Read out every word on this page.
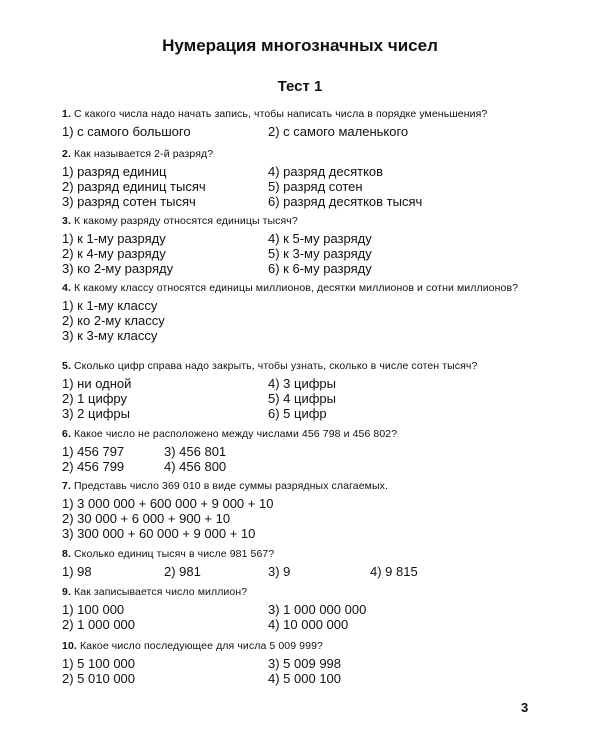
Нумерация многозначных чисел
Тест 1
1. С какого числа надо начать запись, чтобы написать числа в порядке уменьшения?
1) с самого большого	2) с самого маленького
2. Как называется 2-й разряд?
1) разряд единиц	4) разряд десятков
2) разряд единиц тысяч	5) разряд сотен
3) разряд сотен тысяч	6) разряд десятков тысяч
3. К какому разряду относятся единицы тысяч?
1) к 1-му разряду	4) к 5-му разряду
2) к 4-му разряду	5) к 3-му разряду
3) ко 2-му разряду	6) к 6-му разряду
4. К какому классу относятся единицы миллионов, десятки миллионов и сотни миллионов?
1) к 1-му классу
2) ко 2-му классу
3) к 3-му классу
5. Сколько цифр справа надо закрыть, чтобы узнать, сколько в числе сотен тысяч?
1) ни одной	4) 3 цифры
2) 1 цифру	5) 4 цифры
3) 2 цифры	6) 5 цифр
6. Какое число не расположено между числами 456 798 и 456 802?
1) 456 797	3) 456 801
2) 456 799	4) 456 800
7. Представь число 369 010 в виде суммы разрядных слагаемых.
1) 3 000 000 + 600 000 + 9 000 + 10
2) 30 000 + 6 000 + 900 + 10
3) 300 000 + 60 000 + 9 000 + 10
8. Сколько единиц тысяч в числе 981 567?
1) 98	2) 981	3) 9	4) 9 815
9. Как записывается число миллион?
1) 100 000	3) 1 000 000 000
2) 1 000 000	4) 10 000 000
10. Какое число последующее для числа 5 009 999?
1) 5 100 000	3) 5 009 998
2) 5 010 000	4) 5 000 100
3
